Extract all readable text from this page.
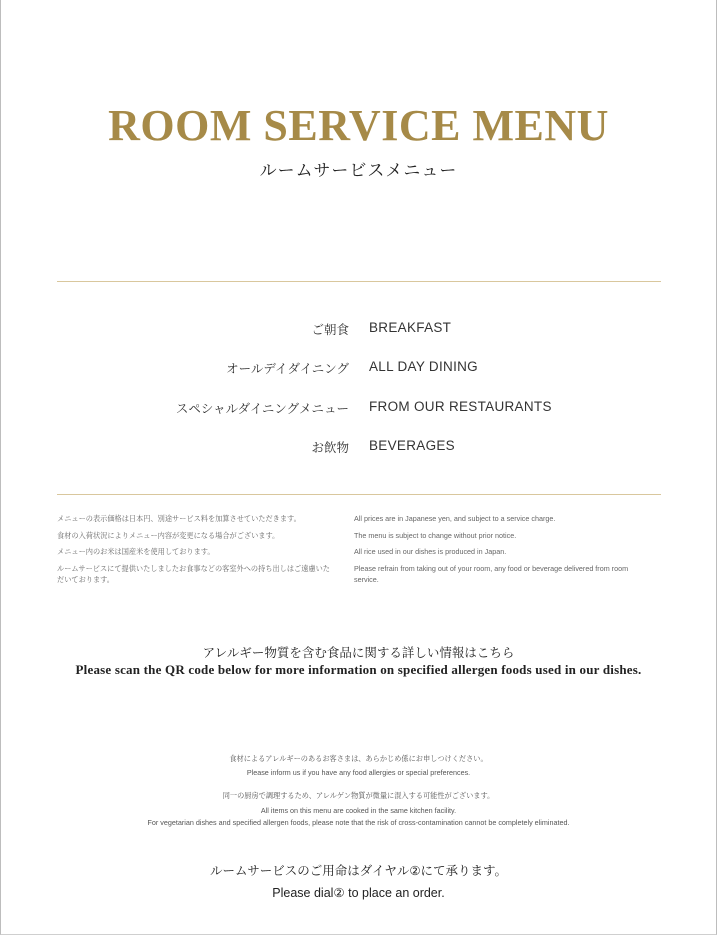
ROOM SERVICE MENU
ルームサービスメニュー
ご朝食 BREAKFAST
オールデイダイニング ALL DAY DINING
スペシャルダイニングメニュー FROM OUR RESTAURANTS
お飲物 BEVERAGES
メニューの表示価格は日本円、別途サービス料を加算させていただきます。
食材の入荷状況によりメニュー内容が変更になる場合がございます。
メニュー内のお米は国産米を使用しております。
ルームサービスにて提供いたしましたお食事などの客室外への持ち出しはご遠慮いただいております。
All prices are in Japanese yen, and subject to a service charge.
The menu is subject to change without prior notice.
All rice used in our dishes is produced in Japan.
Please refrain from taking out of your room, any food or beverage delivered from room service.
アレルギー物質を含む食品に関する詳しい情報はこちら
Please scan the QR code below for more information on specified allergen foods used in our dishes.
食材によるアレルギーのあるお客さまは、あらかじめ係にお申しつけください。
Please inform us if you have any food allergies or special preferences.
同一の厨房で調理するため、アレルゲン物質が微量に混入する可能性がございます。
All items on this menu are cooked in the same kitchen facility.
For vegetarian dishes and specified allergen foods, please note that the risk of cross-contamination cannot be completely eliminated.
ルームサービスのご用命はダイヤル②にて承ります。
Please dial② to place an order.
